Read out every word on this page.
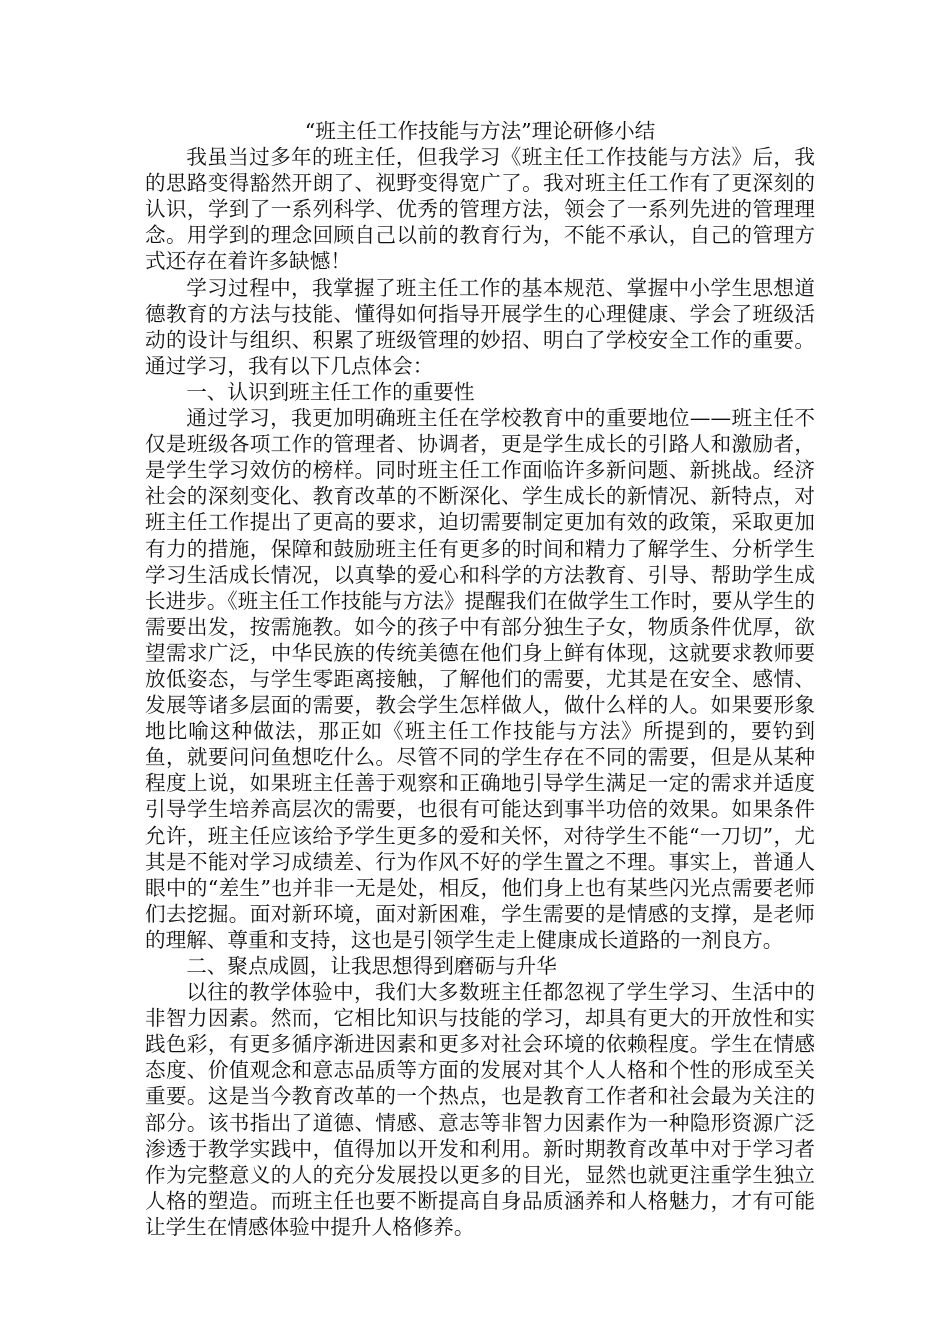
“班主任工作技能与方法”理论研修小结

我虽当过多年的班主任，但我学习《班主任工作技能与方法》后，我的思路变得豁然开朗了、视野变得宽广了。我对班主任工作有了更深刻的认识，学到了一系列科学、优秀的管理方法，领会了一系列先进的管理理念。用学到的理念回顾自己以前的教育行为，不能不承认，自己的管理方式还存在着许多缺憾！

学习过程中，我掌握了班主任工作的基本规范、掌握中小学生思想道德教育的方法与技能、懂得如何指导开展学生的心理健康、学会了班级活动的设计与组织、积累了班级管理的妙招、明白了学校安全工作的重要。通过学习，我有以下几点体会：

一、认识到班主任工作的重要性

通过学习，我更加明确班主任在学校教育中的重要地位——班主任不仅是班级各项工作的管理者、协调者，更是学生成长的引路人和激励者，是学生学习效仿的榜样。同时班主任工作面临许多新问题、新挑战。经济社会的深刻变化、教育改革的不断深化、学生成长的新情况、新特点，对班主任工作提出了更高的要求，迫切需要制定更加有效的政策，采取更加有力的措施，保障和鼓励班主任有更多的时间和精力了解学生、分析学生学习生活成长情况，以真挚的爱心和科学的方法教育、引导、帮助学生成长进步。《班主任工作技能与方法》提醒我们在做学生工作时，要从学生的需要出发，按需施教。如今的孩子中有部分独生子女，物质条件优厚，欲望需求广泛，中华民族的传统美德在他们身上鲜有体现，这就要求教师要放低姿态，与学生零距离接触，了解他们的需要，尤其是在安全、感情、发展等诸多层面的需要，教会学生怎样做人，做什么样的人。如果要形象地比喻这种做法，那正如《班主任工作技能与方法》所提到的，要钓到鱼，就要问问鱼想吃什么。尽管不同的学生存在不同的需要，但是从某种程度上说，如果班主任善于观察和正确地引导学生满足一定的需求并适度引导学生培养高层次的需要，也很有可能达到事半功倍的效果。如果条件允许，班主任应该给予学生更多的爱和关怀，对待学生不能“一刀切”，尤其是不能对学习成绩差、行为作风不好的学生置之不理。事实上，普通人眼中的“差生”也并非一无是处，相反，他们身上也有某些闪光点需要老师们去挖掘。面对新环境，面对新困难，学生需要的是情感的支撑，是老师的理解、尊重和支持，这也是引领学生走上健康成长道路的一剂良方。

二、聚点成圆，让我思想得到磨砺与升华

以往的教学体验中，我们大多数班主任都忽视了学生学习、生活中的非智力因素。然而，它相比知识与技能的学习，却具有更大的开放性和实践色彩，有更多循序渐进因素和更多对社会环境的依赖程度。学生在情感态度、价值观念和意志品质等方面的发展对其个人人格和个性的形成至关重要。这是当今教育改革的一个热点，也是教育工作者和社会最为关注的部分。该书指出了道德、情感、意志等非智力因素作为一种隐形资源广泛渗透于教学实践中，值得加以开发和利用。新时期教育改革中对于学习者作为完整意义的人的充分发展投以更多的目光，显然也就更注重学生独立人格的塑造。而班主任也要不断提高自身品质涵养和人格魅力，才有可能让学生在情感体验中提升人格修养。
